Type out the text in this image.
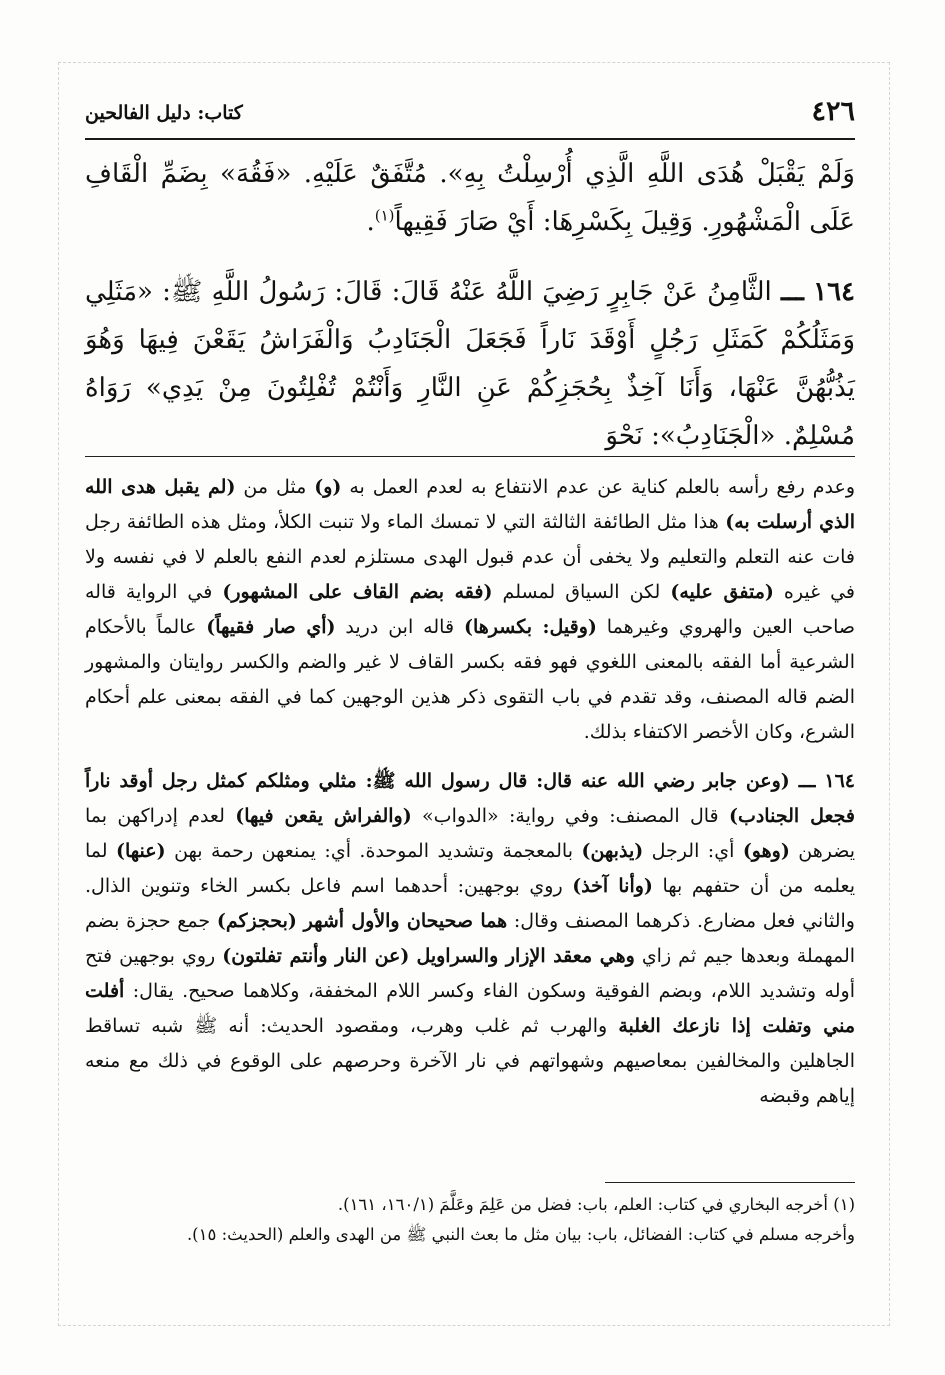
٤٢٦
كتاب: دليل الفالحين

وَلَمْ يَقْبَلْ هُدَى اللَّهِ الَّذِي أُرْسِلْتُ بِهِ». مُتَّفَقٌ عَلَيْهِ. «فَقُهَ» بِضَمِّ الْقَافِ عَلَى الْمَشْهُورِ. وَقِيلَ بِكَسْرِهَا: أَيْ صَارَ فَقِيهاً$^{(١)}$.

١٦٤ ـــ الثَّامِنُ عَنْ جَابِرٍ رَضِيَ اللَّهُ عَنْهُ قَالَ: قَالَ: رَسُولُ اللَّهِ ﷺ: «مَثَلِي وَمَثَلُكُمْ كَمَثَلِ رَجُلٍ أَوْقَدَ نَاراً فَجَعَلَ الْجَنَادِبُ وَالْفَرَاشُ يَقَعْنَ فِيهَا وَهُوَ يَذُبُّهُنَّ عَنْهَا، وَأَنَا آخِذٌ بِحُجَزِكُمْ عَنِ النَّارِ وَأَنْتُمْ تُفْلِتُونَ مِنْ يَدِي» رَوَاهُ مُسْلِمٌ. «الْجَنَادِبُ»: نَحْوَ

وعدم رفع رأسه بالعلم كناية عن عدم الانتفاع به لعدم العمل به (و) مثل من (لم يقبل هدى الله الذي أرسلت به) هذا مثل الطائفة الثالثة التي لا تمسك الماء ولا تنبت الكلأ، ومثل هذه الطائفة رجل فات عنه التعلم والتعليم ولا يخفى أن عدم قبول الهدى مستلزم لعدم النفع بالعلم لا في نفسه ولا في غيره (متفق عليه) لكن السياق لمسلم (فقه بضم القاف على المشهور) في الرواية قاله صاحب العين والهروي وغيرهما (وقيل: بكسرها) قاله ابن دريد (أي صار فقيهاً) عالماً بالأحكام الشرعية أما الفقه بالمعنى اللغوي فهو فقه بكسر القاف لا غير والضم والكسر روايتان والمشهور الضم قاله المصنف، وقد تقدم في باب التقوى ذكر هذين الوجهين كما في الفقه بمعنى علم أحكام الشرع، وكان الأخصر الاكتفاء بذلك.

١٦٤ ـــ (وعن جابر رضي الله عنه قال: قال رسول الله ﷺ: مثلي ومثلكم كمثل رجل أوقد ناراً فجعل الجنادب) قال المصنف: وفي رواية: «الدواب» (والفراش يقعن فيها) لعدم إدراكهن بما يضرهن (وهو) أي: الرجل (يذبهن) بالمعجمة وتشديد الموحدة. أي: يمنعهن رحمة بهن (عنها) لما يعلمه من أن حتفهم بها (وأنا آخذ) روي بوجهين: أحدهما اسم فاعل بكسر الخاء وتنوين الذال. والثاني فعل مضارع. ذكرهما المصنف وقال: هما صحيحان والأول أشهر (بحجزكم) جمع حجزة بضم المهملة وبعدها جيم ثم زاي وهي معقد الإزار والسراويل (عن النار وأنتم تفلتون) روي بوجهين فتح أوله وتشديد اللام، وبضم الفوقية وسكون الفاء وكسر اللام المخففة، وكلاهما صحيح. يقال: أفلت مني وتفلت إذا نازعك الغلبة والهرب ثم غلب وهرب، ومقصود الحديث: أنه ﷺ شبه تساقط الجاهلين والمخالفين بمعاصيهم وشهواتهم في نار الآخرة وحرصهم على الوقوع في ذلك مع منعه إياهم وقبضه

(١) أخرجه البخاري في كتاب: العلم، باب: فضل من عَلِمَ وعَلَّمَ (١٦٠/١، ١٦١).

وأخرجه مسلم في كتاب: الفضائل، باب: بيان مثل ما بعث النبي ﷺ من الهدى والعلم (الحديث: ١٥).
